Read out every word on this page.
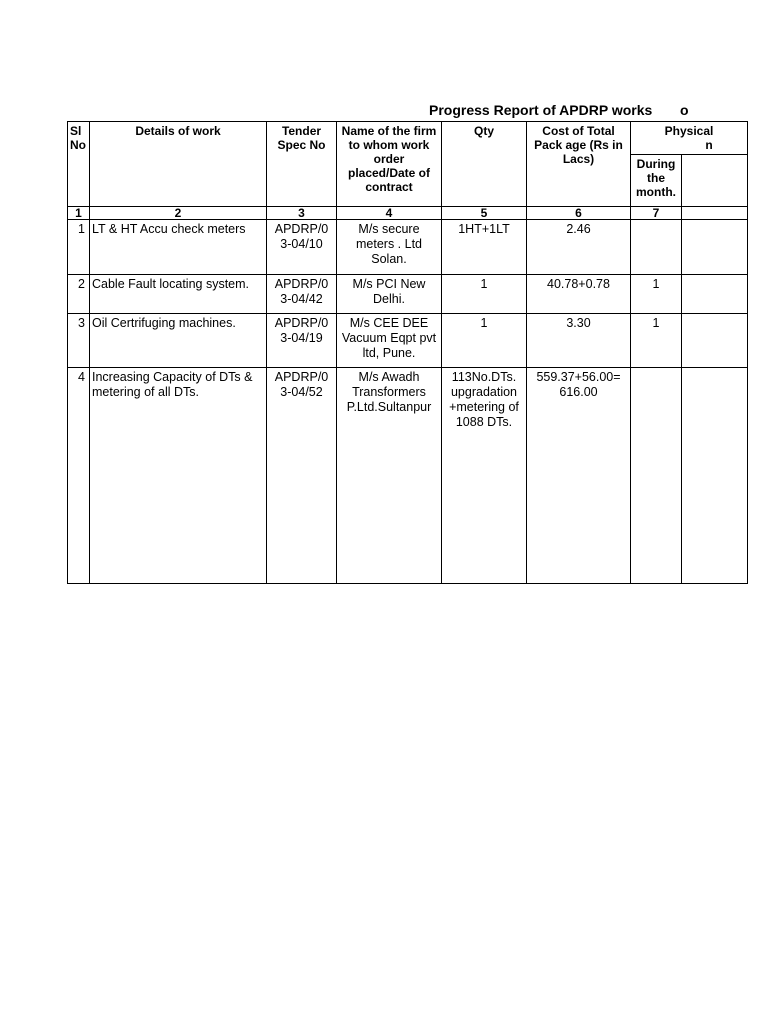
Progress Report of APDRP works o
Sl No	Details of work	Tender Spec No	Name of the firm to whom work order placed/Date of contract	Qty	Cost of Total Pack age (Rs in Lacs)	Physical
n	
						During the month.	
1	2	3	4	5	6	7	
1	LT & HT Accu check meters	APDRP/0 3-04/10	M/s secure meters . Ltd Solan.	1HT+1LT	2.46		
2	Cable Fault locating system.	APDRP/0 3-04/42	M/s PCI New Delhi.	1	40.78+0.78	1	
3	Oil Certrifuging machines.	APDRP/0 3-04/19	M/s CEE DEE Vacuum Eqpt pvt ltd, Pune.	1	3.30	1	
4	Increasing Capacity of DTs & metering of all DTs.	APDRP/0 3-04/52	M/s Awadh Transformers P.Ltd.Sultanpur	113No.DTs. upgradation +metering of 1088 DTs.	559.37+56.00= 616.00		
